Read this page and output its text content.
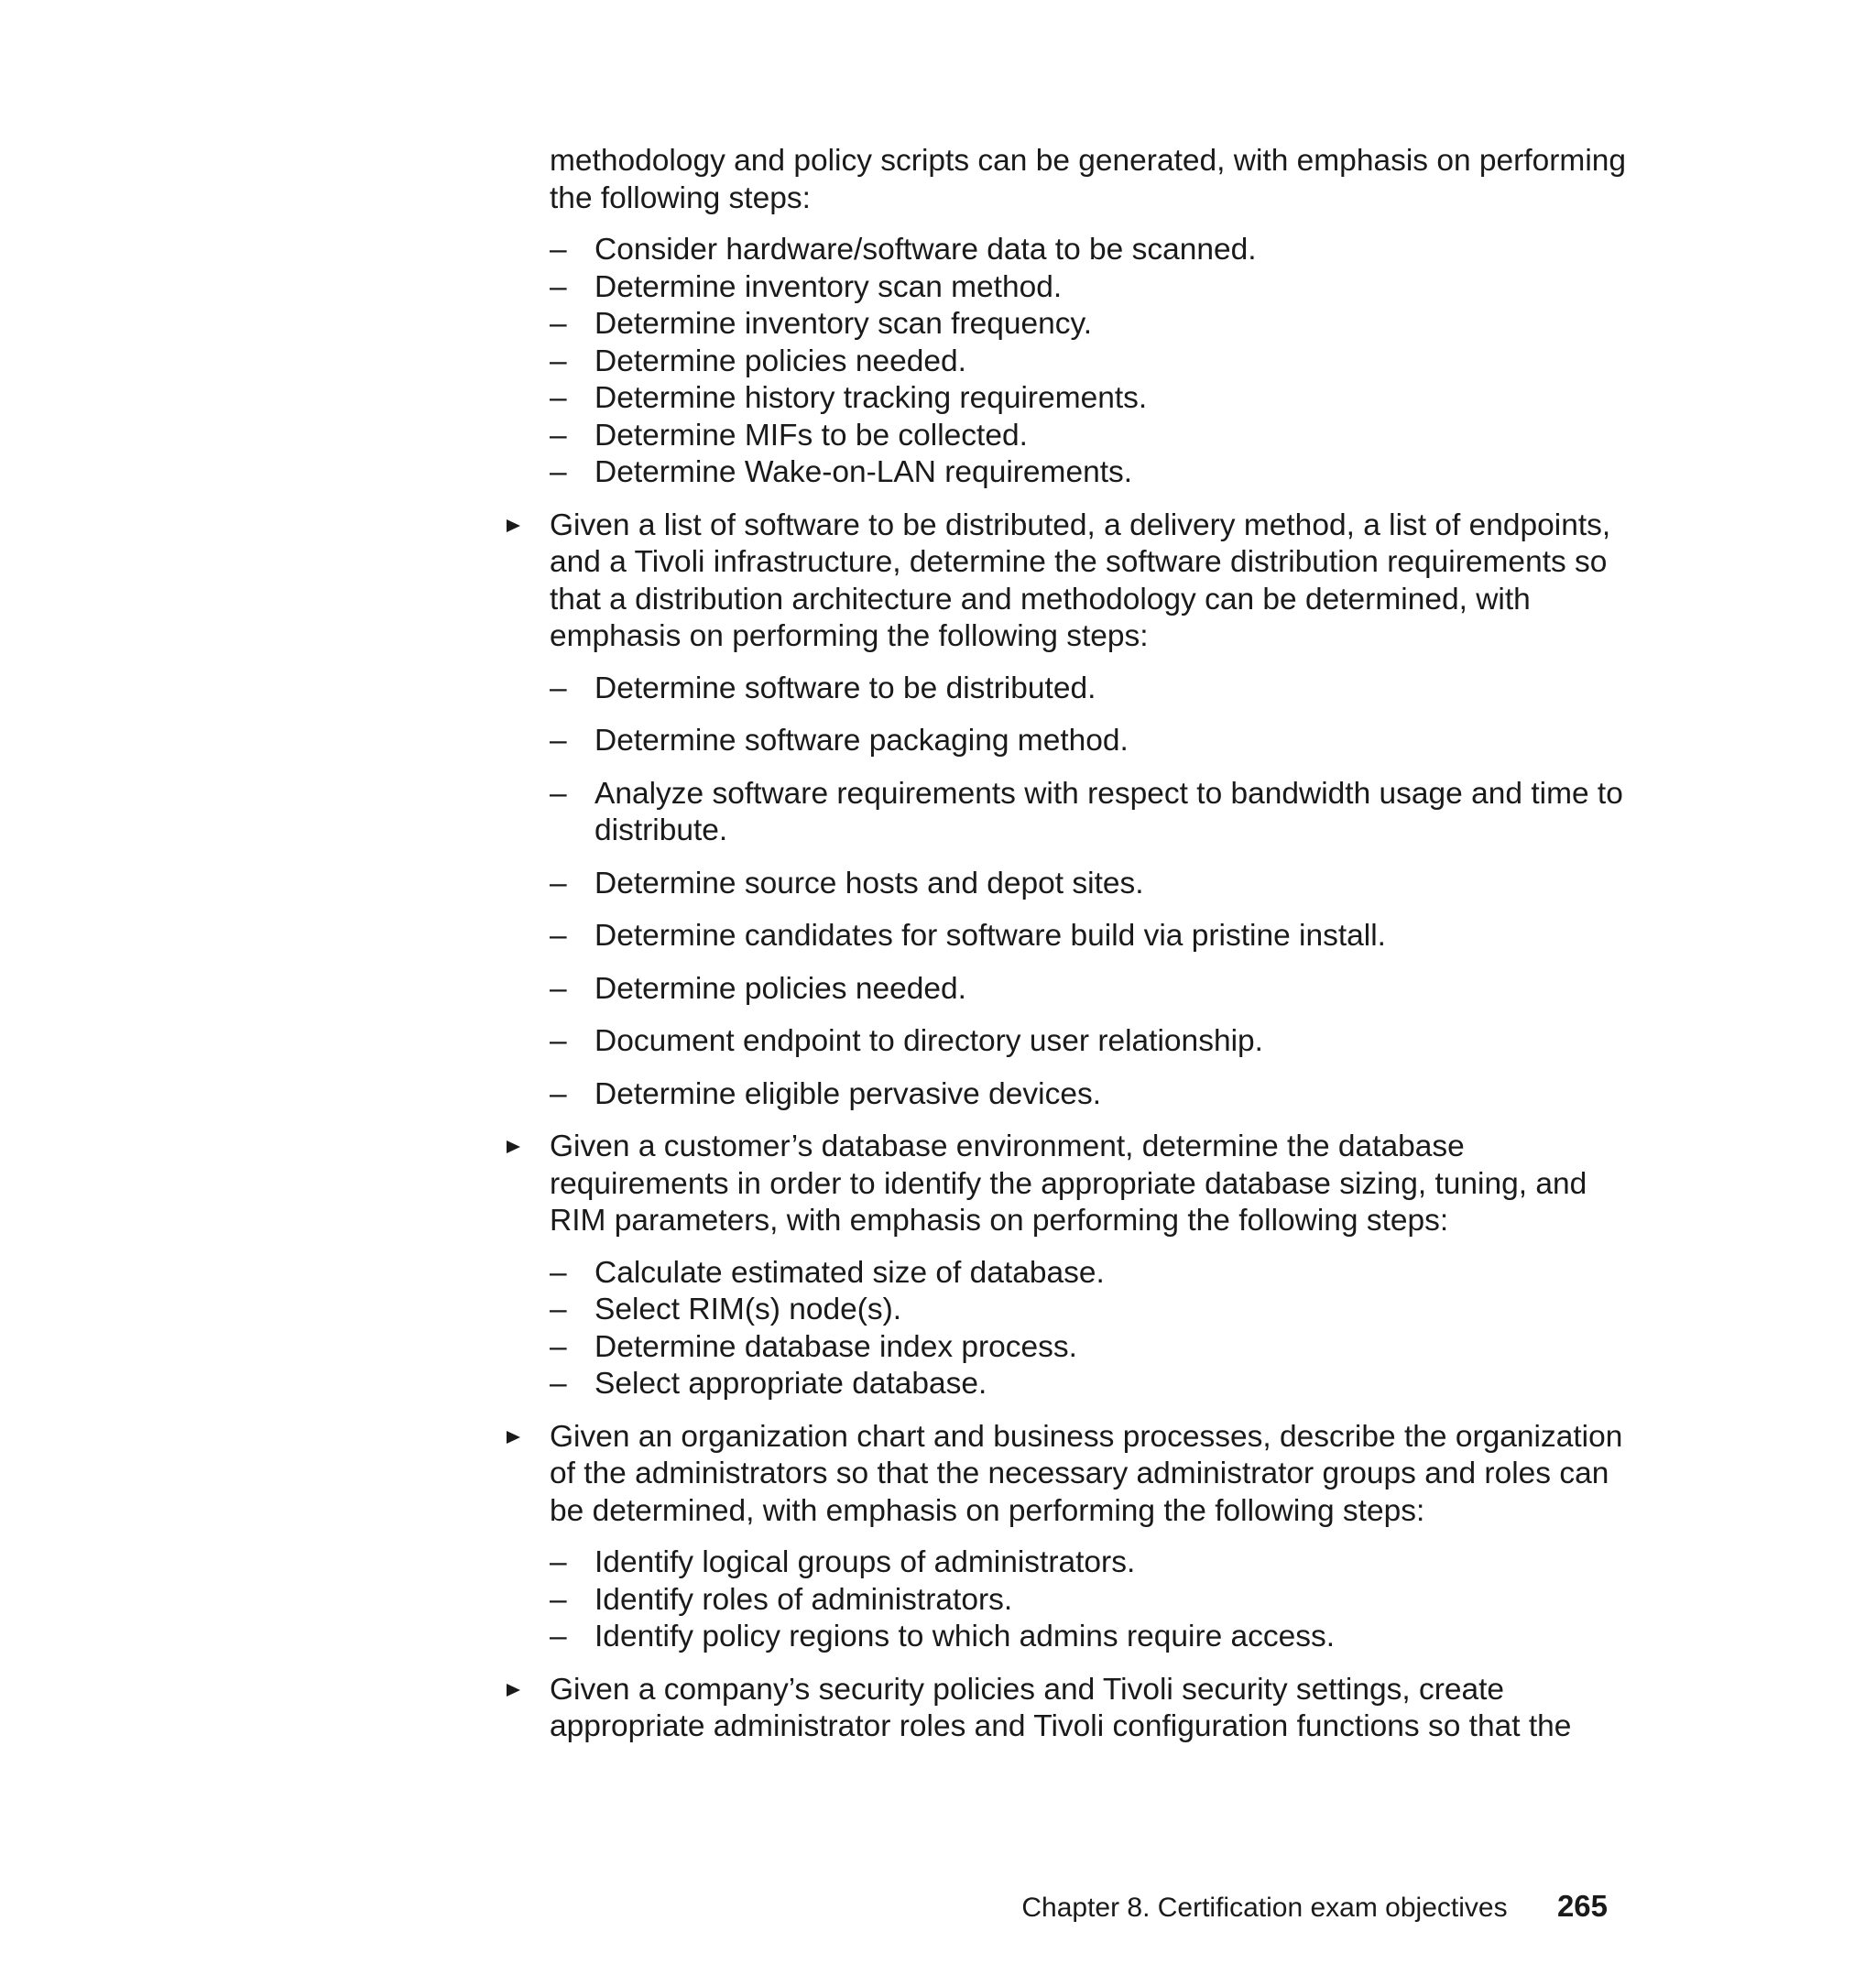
methodology and policy scripts can be generated, with emphasis on performing the following steps:

– Consider hardware/software data to be scanned.
– Determine inventory scan method.
– Determine inventory scan frequency.
– Determine policies needed.
– Determine history tracking requirements.
– Determine MIFs to be collected.
– Determine Wake-on-LAN requirements.

Given a list of software to be distributed, a delivery method, a list of endpoints, and a Tivoli infrastructure, determine the software distribution requirements so that a distribution architecture and methodology can be determined, with emphasis on performing the following steps:

– Determine software to be distributed.
– Determine software packaging method.
– Analyze software requirements with respect to bandwidth usage and time to distribute.
– Determine source hosts and depot sites.
– Determine candidates for software build via pristine install.
– Determine policies needed.
– Document endpoint to directory user relationship.
– Determine eligible pervasive devices.

Given a customer’s database environment, determine the database requirements in order to identify the appropriate database sizing, tuning, and RIM parameters, with emphasis on performing the following steps:

– Calculate estimated size of database.
– Select RIM(s) node(s).
– Determine database index process.
– Select appropriate database.

Given an organization chart and business processes, describe the organization of the administrators so that the necessary administrator groups and roles can be determined, with emphasis on performing the following steps:

– Identify logical groups of administrators.
– Identify roles of administrators.
– Identify policy regions to which admins require access.

Given a company’s security policies and Tivoli security settings, create appropriate administrator roles and Tivoli configuration functions so that the

Chapter 8. Certification exam objectives 265
